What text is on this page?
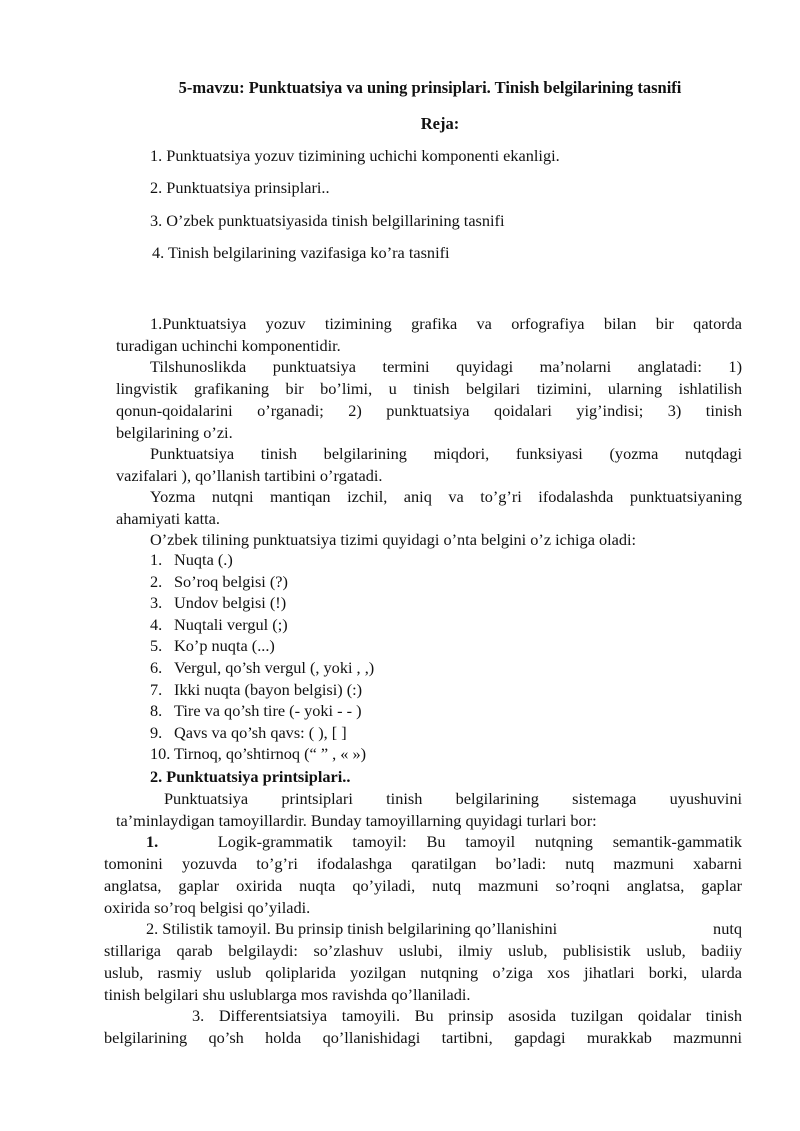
5-mavzu: Punktuatsiya va uning prinsiplari. Tinish belgilarining tasnifi
Reja:
1. Punktuatsiya yozuv tizimining uchichi komponenti ekanligi.
2. Punktuatsiya prinsiplari..
3. O’zbek punktuatsiyasida tinish belgillarining tasnifi
4. Tinish belgilarining vazifasiga ko’ra tasnifi
1.Punktuatsiya yozuv tizimining grafika va orfografiya bilan bir qatorda
turadigan uchinchi komponentidir.
Tilshunoslikda punktuatsiya termini quyidagi ma’nolarni anglatadi: 1)
lingvistik grafikaning bir bo’limi, u tinish belgilari tizimini, ularning ishlatilish
qonun-qoidalarini o’rganadi; 2) punktuatsiya qoidalari yig’indisi; 3) tinish
belgilarining o’zi.
Punktuatsiya tinish belgilarining miqdori, funksiyasi (yozma nutqdagi
vazifalari ), qo’llanish tartibini o’rgatadi.
Yozma nutqni mantiqan izchil, aniq va to’g’ri ifodalashda punktuatsiyaning
ahamiyati katta.
O’zbek tilining punktuatsiya tizimi quyidagi o’nta belgini o’z ichiga oladi:
1. Nuqta (.)
2. So’roq belgisi (?)
3. Undov belgisi (!)
4. Nuqtali vergul (;)
5. Ko’p nuqta (...)
6. Vergul, qo’sh vergul (, yoki , ,)
7. Ikki nuqta (bayon belgisi) (:)
8. Tire va qo’sh tire (- yoki - - )
9. Qavs va qo’sh qavs: ( ), [ ]
10. Tirnoq, qo’shtirnoq (“ ” , « »)
2. Punktuatsiya printsiplari..
Punktuatsiya printsiplari tinish belgilarining sistemaga uyushuvini
ta’minlaydigan tamoyillardir. Bunday tamoyillarning quyidagi turlari bor:
1.	Logik-grammatik tamoyil: Bu tamoyil nutqning semantik-gammatik
tomonini yozuvda to’g’ri ifodalashga qaratilgan bo’ladi: nutq mazmuni xabarni
anglatsa, gaplar oxirida nuqta qo’yiladi, nutq mazmuni so’roqni anglatsa, gaplar
oxirida so’roq belgisi qo’yiladi.
2. Stilistik tamoyil. Bu prinsip tinish belgilarining qo’llanishini	nutq
stillariga qarab belgilaydi: so’zlashuv uslubi, ilmiy uslub, publisistik uslub, badiiy
uslub, rasmiy uslub qoliplarida yozilgan nutqning o’ziga xos jihatlari borki, ularda
tinish belgilari shu uslublarga mos ravishda qo’llaniladi.
3. Differentsiatsiya tamoyili. Bu prinsip asosida tuzilgan qoidalar tinish
belgilarining qo’sh holda qo’llanishidagi tartibni, gapdagi murakkab mazmunni
